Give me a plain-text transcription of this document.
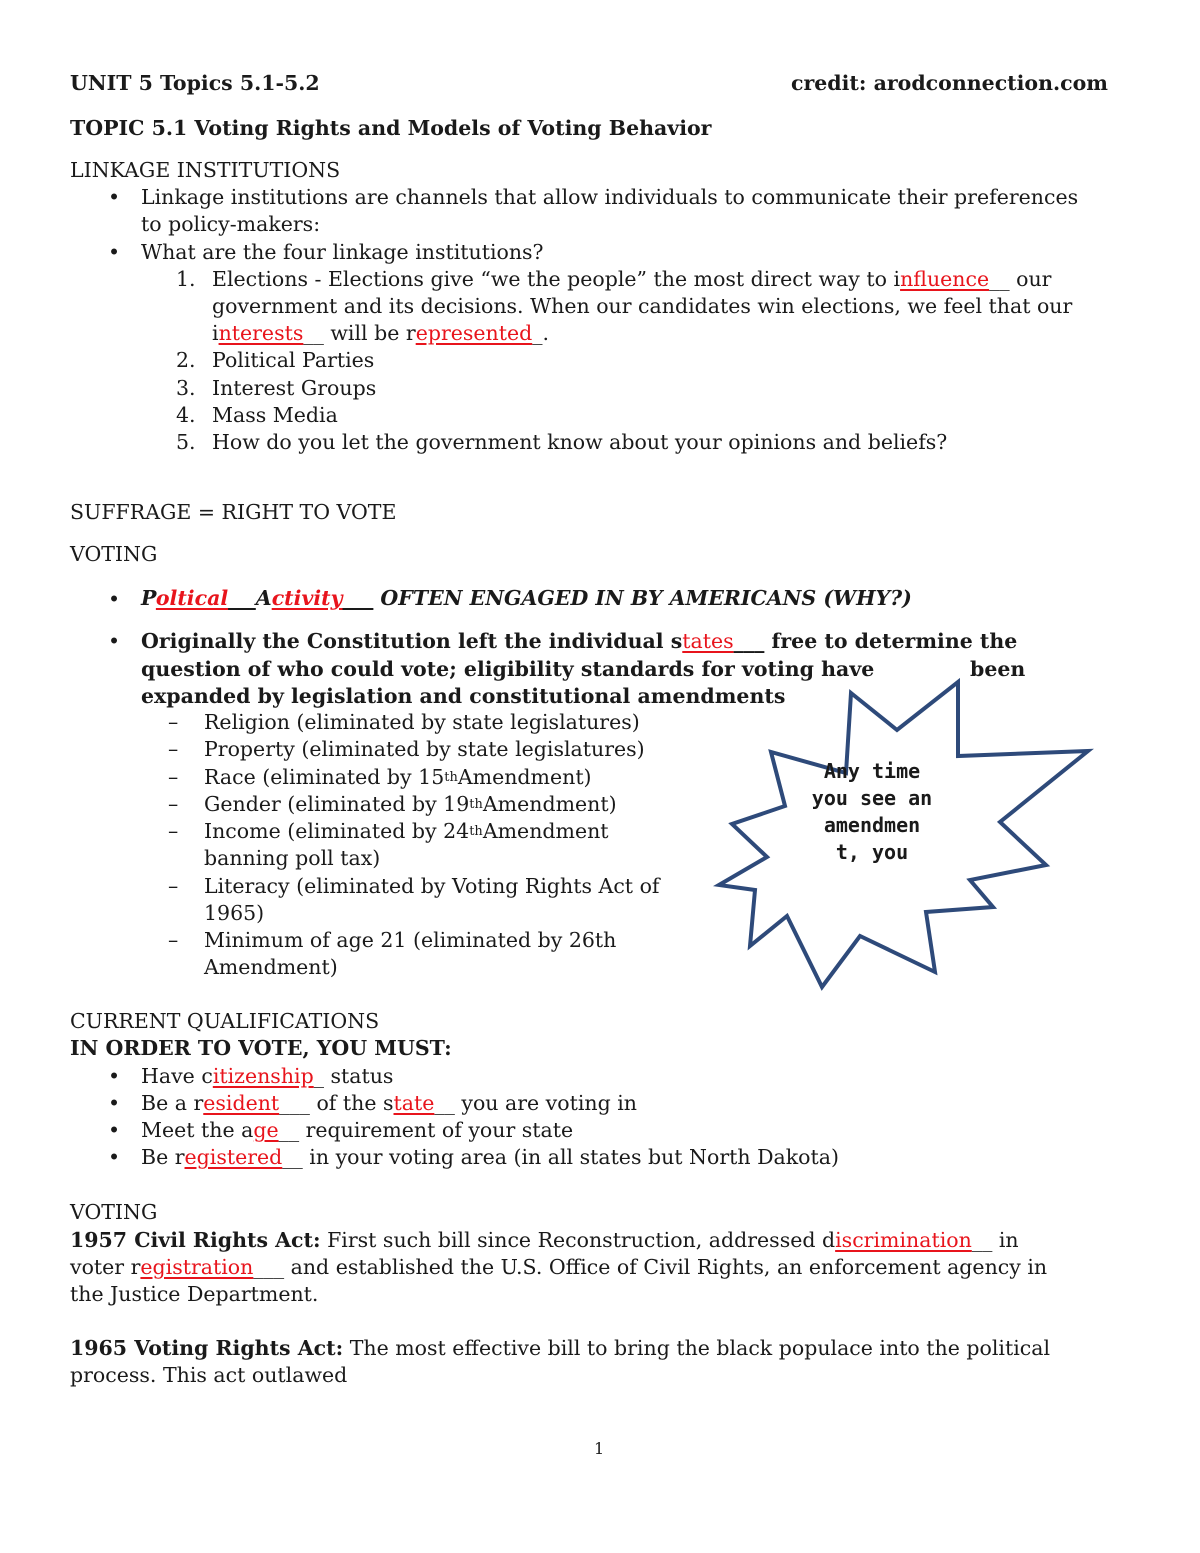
UNIT 5 Topics 5.1-5.2	credit: arodconnection.com
TOPIC 5.1 Voting Rights and Models of Voting Behavior
LINKAGE INSTITUTIONS
• Linkage institutions are channels that allow individuals to communicate their preferences
to policy-makers:
• What are the four linkage institutions?
1. Elections - Elections give “we the people” the most direct way to influence__ our
government and its decisions. When our candidates win elections, we feel that our
interests__ will be represented_.
2. Political Parties
3. Interest Groups
4. Mass Media
5. How do you let the government know about your opinions and beliefs?
SUFFRAGE = RIGHT TO VOTE
VOTING
• Poltical__ Activity___ OFTEN ENGAGED IN BY AMERICANS (WHY?)
• Originally the Constitution left the individual states___ free to determine the
question of who could vote; eligibility standards for voting have	been
expanded by legislation and constitutional amendments
– Religion (eliminated by state legislatures)
– Property (eliminated by state legislatures)
– Race (eliminated by 15thAmendment)
– Gender (eliminated by 19thAmendment)
– Income (eliminated by 24thAmendment
banning poll tax)
– Literacy (eliminated by Voting Rights Act of
1965)
– Minimum of age 21 (eliminated by 26th
Amendment)
Any time
you see an
amendmen
t, you
CURRENT QUALIFICATIONS
IN ORDER TO VOTE, YOU MUST:
• Have citizenship_ status
• Be a resident___ of the state__ you are voting in
• Meet the age__ requirement of your state
• Be registered__ in your voting area (in all states but North Dakota)
VOTING
1957 Civil Rights Act: First such bill since Reconstruction, addressed discrimination__ in
voter registration___ and established the U.S. Office of Civil Rights, an enforcement agency in
the Justice Department.
1965 Voting Rights Act: The most effective bill to bring the black populace into the political
process. This act outlawed
1
